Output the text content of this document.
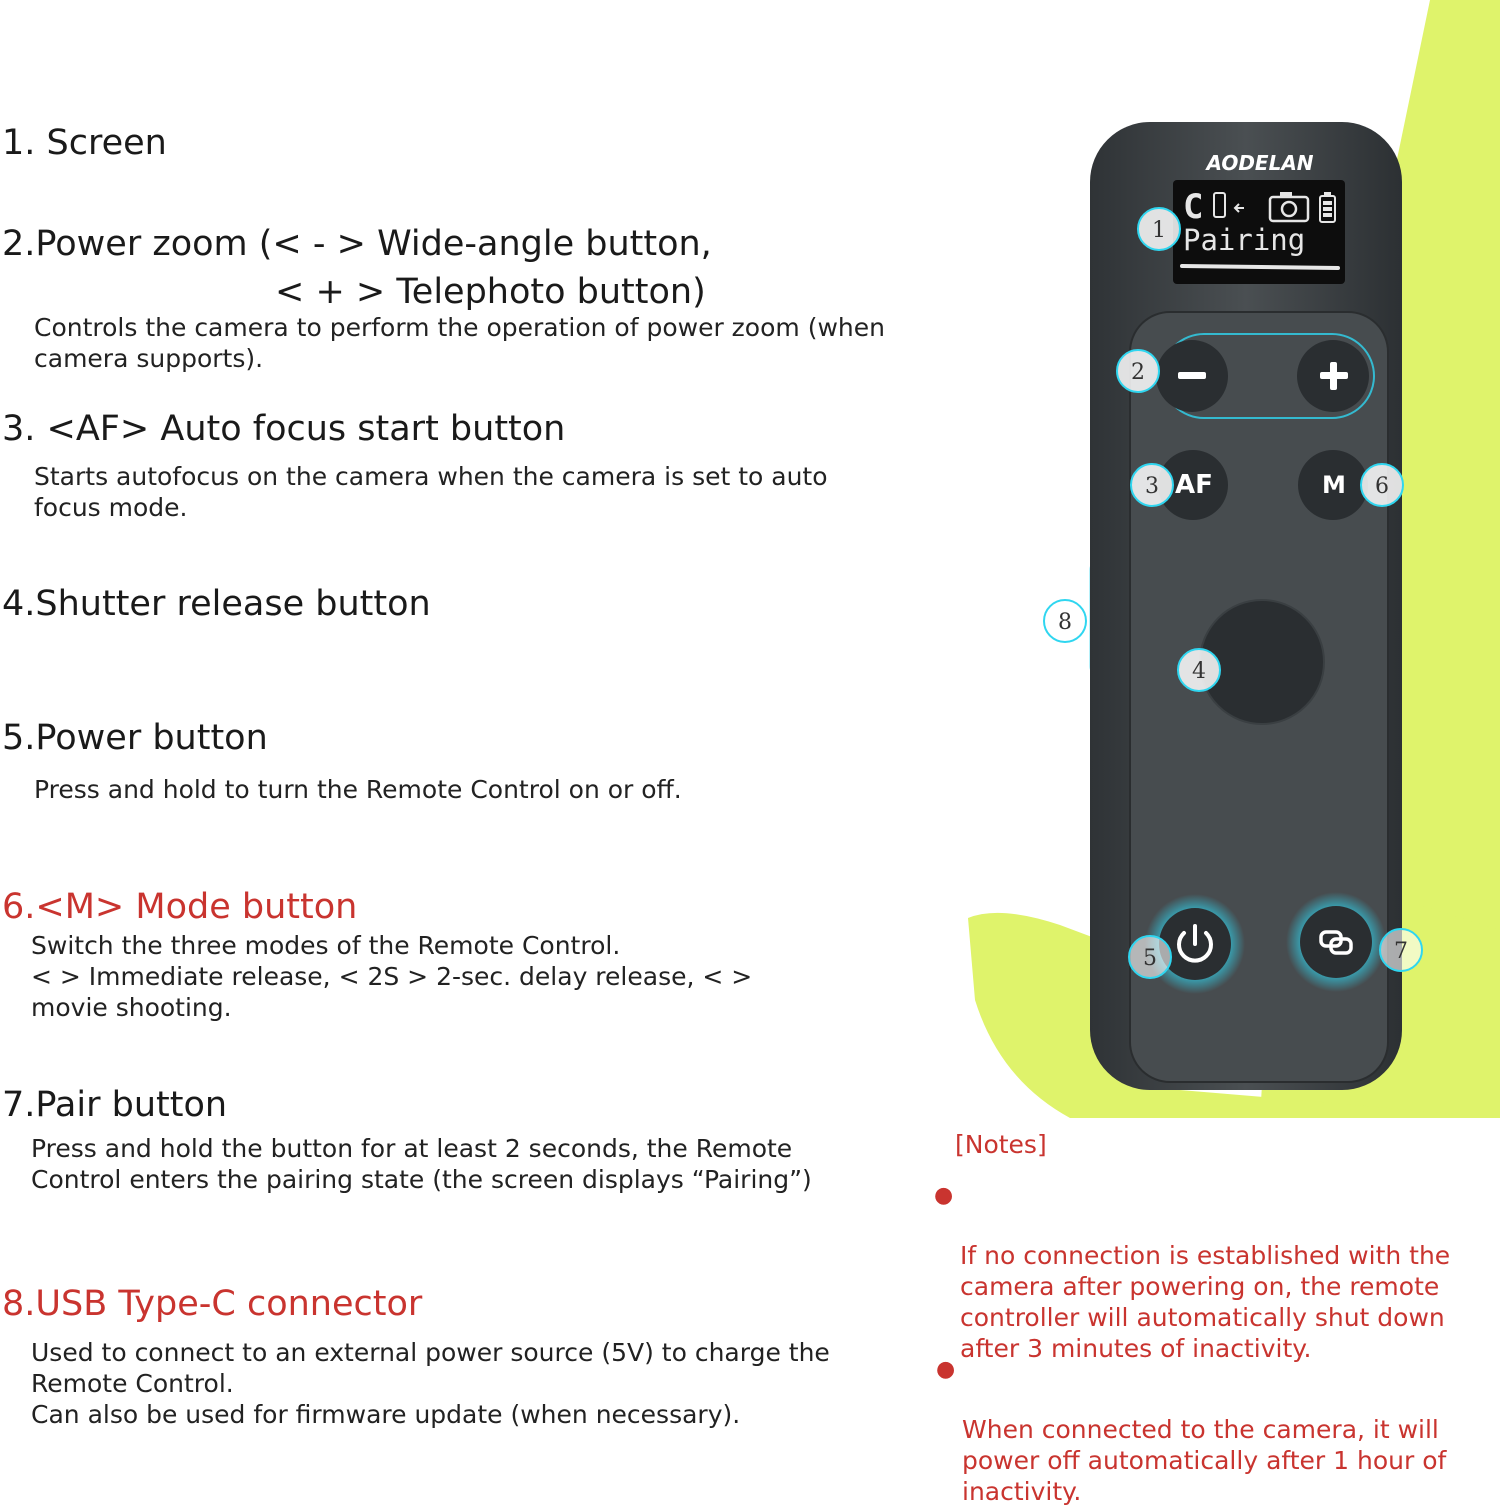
1. Screen
2.Power zoom (< - > Wide-angle button,
< + > Telephoto button)

Controls the camera to perform the operation of power zoom (when
camera supports).

3. <AF> Auto focus start button

Starts autofocus on the camera when the camera is set to auto
focus mode.

4.Shutter release button
5.Power button

Press and hold to turn the Remote Control on or off.

6.<M> Mode button

Switch the three modes of the Remote Control.
< > Immediate release, < 2S > 2-sec. delay release, < >
movie shooting.

7.Pair button

Press and hold the button for at least 2 seconds, the Remote
Control enters the pairing state (the screen displays “Pairing”)

8.USB Type-C connector

Used to connect to an external power source (5V) to charge the
Remote Control.
Can also be used for firmware update (when necessary).

[Notes]

●

If no connection is established with the
camera after powering on, the remote
controller will automatically shut down
after 3 minutes of inactivity.

●

When connected to the camera, it will
power off automatically after 1 hour of
inactivity.

AODELAN
C
Pairing
AF	M
1
2
3
4
5
6
7
8
